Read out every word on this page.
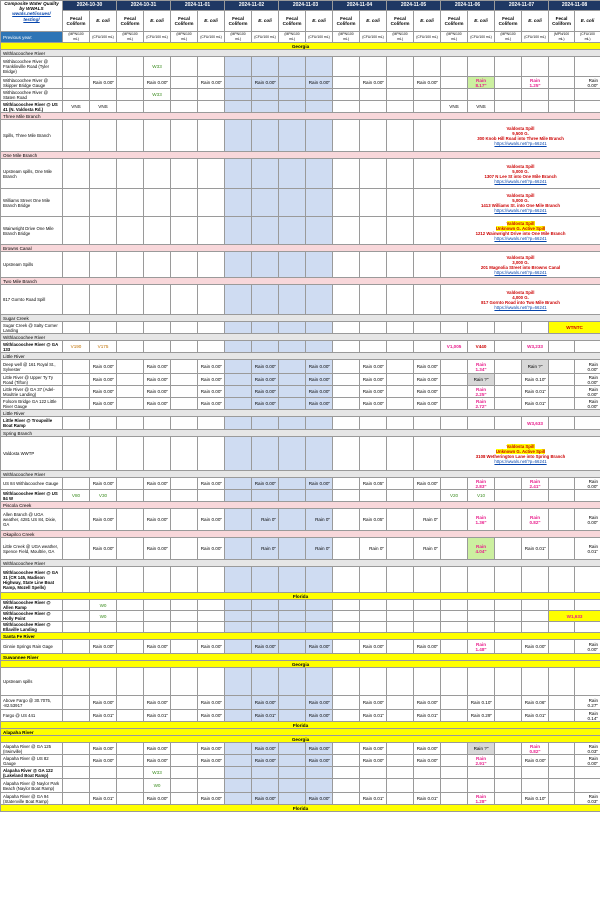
Composite Water Quality
by WWALS
wwals.net/issues/
testing/	2024-10-30		2024-10-31		2024-11-01		2024-11-02		2024-11-03		2024-11-04		2024-11-05		2024-11-06		2024-11-07		2024-11-08	
	Fecal Coliform	E. coli	Fecal Coliform	E. coli	Fecal Coliform	E. coli	Fecal Coliform	E. coli	Fecal Coliform	E. coli	Fecal Coliform	E. coli	Fecal Coliform	E. coli	Fecal Coliform	E. coli	Fecal Coliform	E. coli	Fecal Coliform	E. coli
Previous year:	(MPN/100 mL)	(CFU/100 mL)	(MPN/100 mL)	(CFU/100 mL)	(MPN/100 mL)	(CFU/100 mL)	(MPN/100 mL)	(CFU/100 mL)	(MPN/100 mL)	(CFU/100 mL)	(MPN/100 mL)	(CFU/100 mL)	(MPN/100 mL)	(CFU/100 mL)	(MPN/100 mL)	(CFU/100 mL)	(MPN/100 mL)	(CFU/100 mL)	(MPN/100 mL)	(CFU/100 mL)
Georgia																				
Withlacoochee River																				
Withlacoochee River @ Franklinville Road (Tyler Bridge)				W33																
Withlacoochee River @ Skipper Bridge Gauge		Rain 0.00"		Rain 0.00"		Rain 0.00"		Rain 0.00"		Rain 0.00"		Rain 0.00"		Rain 0.00"		Rain 8.17"		Rain 1.25"		Rain 0.00"
Withlacoochee River @ Staten Road				W33																
Withlacoochee River @ US 41 (N. Valdosta Rd.)	VNS	VNS													VNS	VNS				
Three Mile Branch																				
Spills, Three Mile Branch															Valdosta Spill
9,500 G.
300 Knob Hill Road into Three Mile Branch
https://wwals.net/?p=66241					
One Mile Branch																				
Upstream spills, One Mile Branch															Valdosta Spill
5,000 G.
1307 N Lee St into One Mile Branch
https://wwals.net/?p=66241					
Williams Street One Mile Branch Bridge															Valdosta Spill
5,000 G.
1413 Williams St. into One Mile Branch
https://wwals.net/?p=66241					
Wainwright Drive One Mile Branch Bridge															Valdosta Spill
Unknown G. Active Spill
1212 Wainwright Drive into One Mile Branch
https://wwals.net/?p=66241					
Browns Canal																				
Upstream Spills															Valdosta Spill
3,000 G.
201 Magnolia Street into Browns Canal
https://wwals.net/?p=66241					
Two Mile Branch																				
817 Gornto Road Spill															Valdosta Spill
4,000 G.
817 Gornto Road into Two Mile Branch
https://wwals.net/?p=66241					
Sugar Creek																				
Sugar Creek @ Salty Corner Landing																			WTNTC	
Withlacoochee River																				
Withlacoochee River @ GA 133	V190	V175													V1,005	V440		W3,233		
Little River																				
Deep well @ 161 Royal St., Sylvester		Rain 0.00"		Rain 0.00"		Rain 0.00"		Rain 0.00"		Rain 0.00"		Rain 0.00"		Rain 0.00"		Rain 1.34"		Rain ?"		Rain 0.00"
Little River @ Upper Ty Ty Road (Tifton)		Rain 0.00"		Rain 0.00"		Rain 0.00"		Rain 0.00"		Rain 0.00"		Rain 0.00"		Rain 0.00"		Rain ?"		Rain 0.10"		Rain 0.00"
Little River @ GA 37 (Adel-Moultrie Landing)		Rain 0.00"		Rain 0.00"		Rain 0.00"		Rain 0.00"		Rain 0.00"		Rain 0.00"		Rain 0.00"		Rain 2.25"		Rain 0.01"		Rain 0.00"
Folsom Bridge GA 122 Little River Gauge		Rain 0.00"		Rain 0.00"		Rain 0.00"		Rain 0.00"		Rain 0.00"		Rain 0.00"		Rain 0.00"		Rain 2.72"		Rain 0.01"		Rain 0.00"
Little River																				
Little River @ Troupville Boat Ramp																		W3,633		
Spring Branch																				
Valdosta WWTP															Valdosta Spill
Unknown G. Active Spill
3108 Wetherington Lane into Spring Branch
https://wwals.net/?p=66241					
Withlacoochee River																				
US 84 Withlacoochee Gauge		Rain 0.00"		Rain 0.00"		Rain 0.00"		Rain 0.00"		Rain 0.00"		Rain 0.05"		Rain 0.00"		Rain 2.83"		Rain 2.41"		Rain 0.00"
Withlacoochee River @ US 84 W	V80	V30													V20	V10				
Piscola Creek																				
Allen Branch @ UGA weather, 4281 US 84, Dixie, GA		Rain 0.00"		Rain 0.00"		Rain 0.00"		Rain 0"		Rain 0"		Rain 0.05"		Rain 0"		Rain 1.36"		Rain 0.82"		Rain 0.00"
Okapilco Creek																				
Little Creek @ UGA weather, Spence Field, Moultrie, GA		Rain 0.00"		Rain 0.00"		Rain 0.00"		Rain 0"		Rain 0"		Rain 0"		Rain 0"		Rain 4.04"		Rain 0.01"		Rain 0.01"
Withlacoochee River																				
Withlacoochee River @ GA 31 (CR 145, Madison Highway, State Line Boat Ramp, Mozell Spells)																				
Florida																				
Withlacoochee River @ Allen Ramp		W0																		
Withlacoochee River @ Holly Point		W0																	W1,633	
Withlacoochee River @ Ellaville Landing																				
Santa Fe River																				
Ginnie Springs Rain Gage		Rain 0.00"		Rain 0.00"		Rain 0.00"		Rain 0.00"		Rain 0.00"		Rain 0.00"		Rain 0.00"		Rain 1.48"		Rain 0.00"		Rain 0.00"
Suwannee River																				
Georgia																				
Upstream spills																				
Above Fargo @ 30.7075, -82.53917		Rain 0.00"		Rain 0.00"		Rain 0.00"		Rain 0.00"		Rain 0.00"		Rain 0.00"		Rain 0.00"		Rain 0.10"		Rain 0.06"		Rain 0.27"
Fargo @ US 441		Rain 0.01"		Rain 0.01"		Rain 0.00"		Rain 0.01"		Rain 0.00"		Rain 0.01"		Rain 0.01"		Rain 0.29"		Rain 0.01"		Rain 0.14"
Florida																				
Alapaha River																				
Georgia																				
Alapaha River @ GA 125 (Irwinville)		Rain 0.00"		Rain 0.00"		Rain 0.00"		Rain 0.00"		Rain 0.00"		Rain 0.00"		Rain 0.00"		Rain ?"		Rain 0.82"		Rain 0.03"
Alapaha River @ US 82 Gauge		Rain 0.00"		Rain 0.00"		Rain 0.00"		Rain 0.00"		Rain 0.00"		Rain 0.00"		Rain 0.00"		Rain 2.91"		Rain 0.00"		Rain 0.00"
Alapaha River @ GA 122 (Lakeland Boat Ramp)				W33																
Alapaha River @ Naylor Park Beach (Naylor Boat Ramp)				W0																
Alapaha River @ GA 94 (Statenville Boat Ramp)		Rain 0.01"		Rain 0.00"		Rain 0.00"		Rain 0.00"		Rain 0.00"		Rain 0.01"		Rain 0.01"		Rain 1.28"		Rain 0.10"		Rain 0.03"
Florida																				
